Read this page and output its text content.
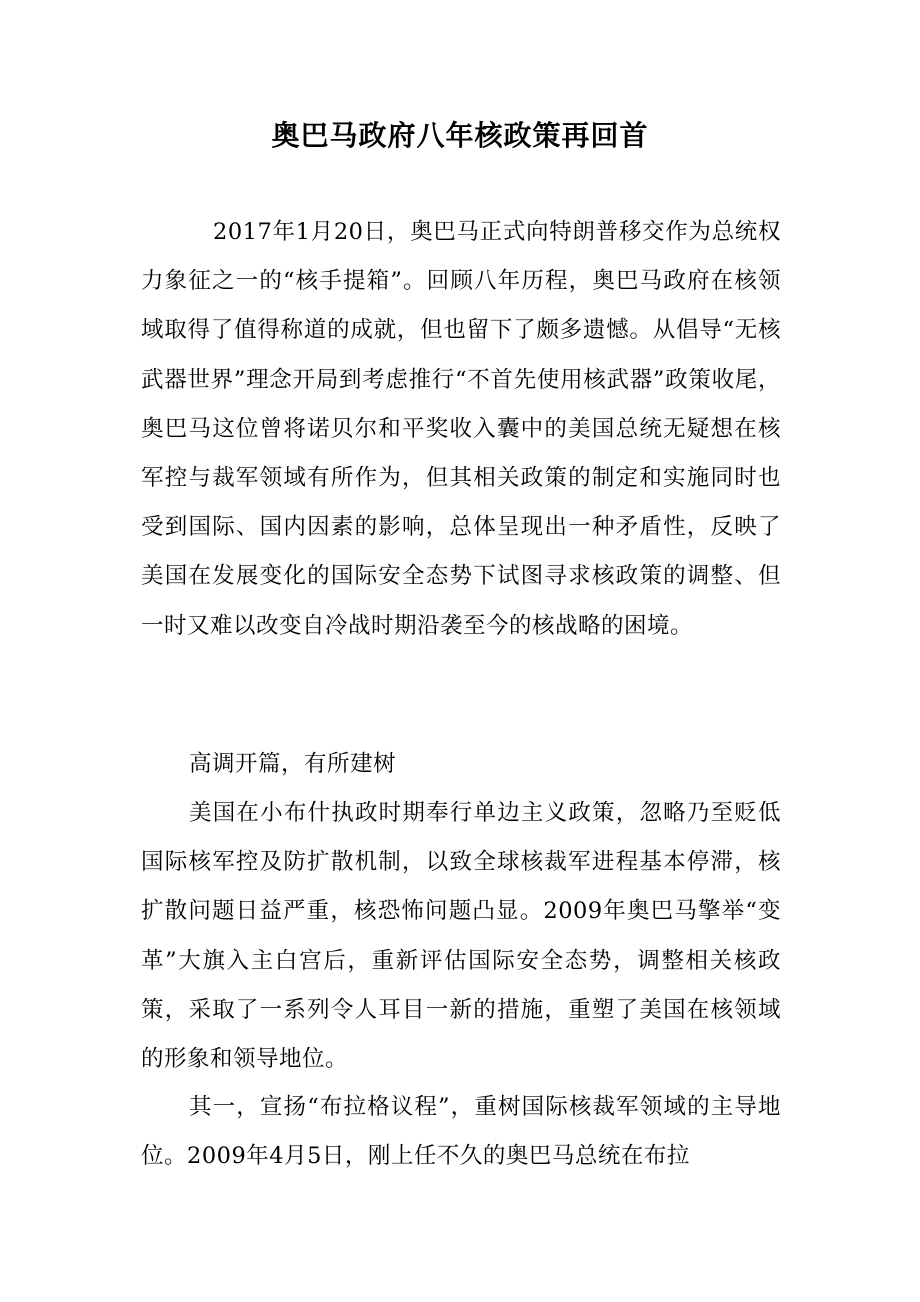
奥巴马政府八年核政策再回首

2017年1月20日，奥巴马正式向特朗普移交作为总统权力象征之一的“核手提箱”。回顾八年历程，奥巴马政府在核领域取得了值得称道的成就，但也留下了颇多遗憾。从倡导“无核武器世界”理念开局到考虑推行“不首先使用核武器”政策收尾，奥巴马这位曾将诺贝尔和平奖收入囊中的美国总统无疑想在核军控与裁军领域有所作为，但其相关政策的制定和实施同时也受到国际、国内因素的影响，总体呈现出一种矛盾性，反映了美国在发展变化的国际安全态势下试图寻求核政策的调整、但一时又难以改变自冷战时期沿袭至今的核战略的困境。

高调开篇，有所建树

美国在小布什执政时期奉行单边主义政策，忽略乃至贬低国际核军控及防扩散机制，以致全球核裁军进程基本停滞，核扩散问题日益严重，核恐怖问题凸显。2009年奥巴马擎举“变革”大旗入主白宫后，重新评估国际安全态势，调整相关核政策，采取了一系列令人耳目一新的措施，重塑了美国在核领域的形象和领导地位。

其一，宣扬“布拉格议程”，重树国际核裁军领域的主导地位。2009年4月5日，刚上任不久的奥巴马总统在布拉
